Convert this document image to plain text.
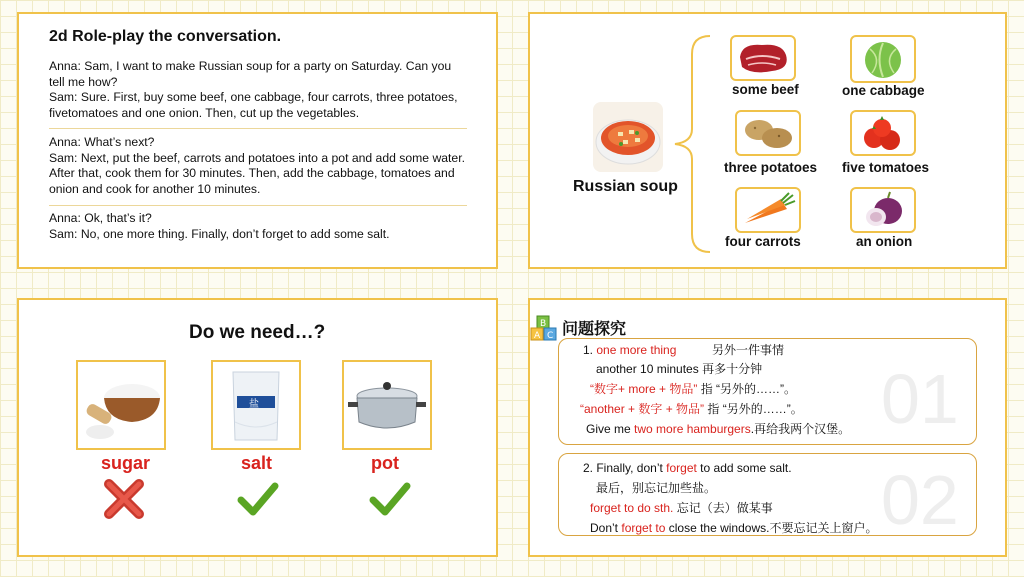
2d Role-play the conversation.
Anna: Sam, I want to make Russian soup for a party on Saturday. Can you
tell me how?
Sam: Sure. First, buy some beef, one cabbage, four carrots, three potatoes,
fivetomatoes and one onion. Then, cut up the vegetables.
Anna: What’s next?
Sam: Next, put the beef, carrots and potatoes into a pot and add some water.
After that, cook them for 30 minutes. Then, add the cabbage, tomatoes and
onion and cook for another 10 minutes.
Anna: Ok, that’s it?
Sam: No, one more thing. Finally, don’t forget to add some salt.
Russian soup
some beef	one cabbage
three potatoes five tomatoes
four carrots	an onion
Do we need…?
盐
sugar	salt	pot
B
A C 问题探究
01
02
1. one more thing	另外一件事情
another 10 minutes 再多十分钟
“数字+ more + 物品” 指 “另外的……”。
“another + 数字 + 物品” 指 “另外的……”。
Give me two more hamburgers.再给我两个汉堡。
2. Finally, don’t forget to add some salt.
最后，别忘记加些盐。
forget to do sth. 忘记（去）做某事
Don’t forget to close the windows.不要忘记关上窗户。
